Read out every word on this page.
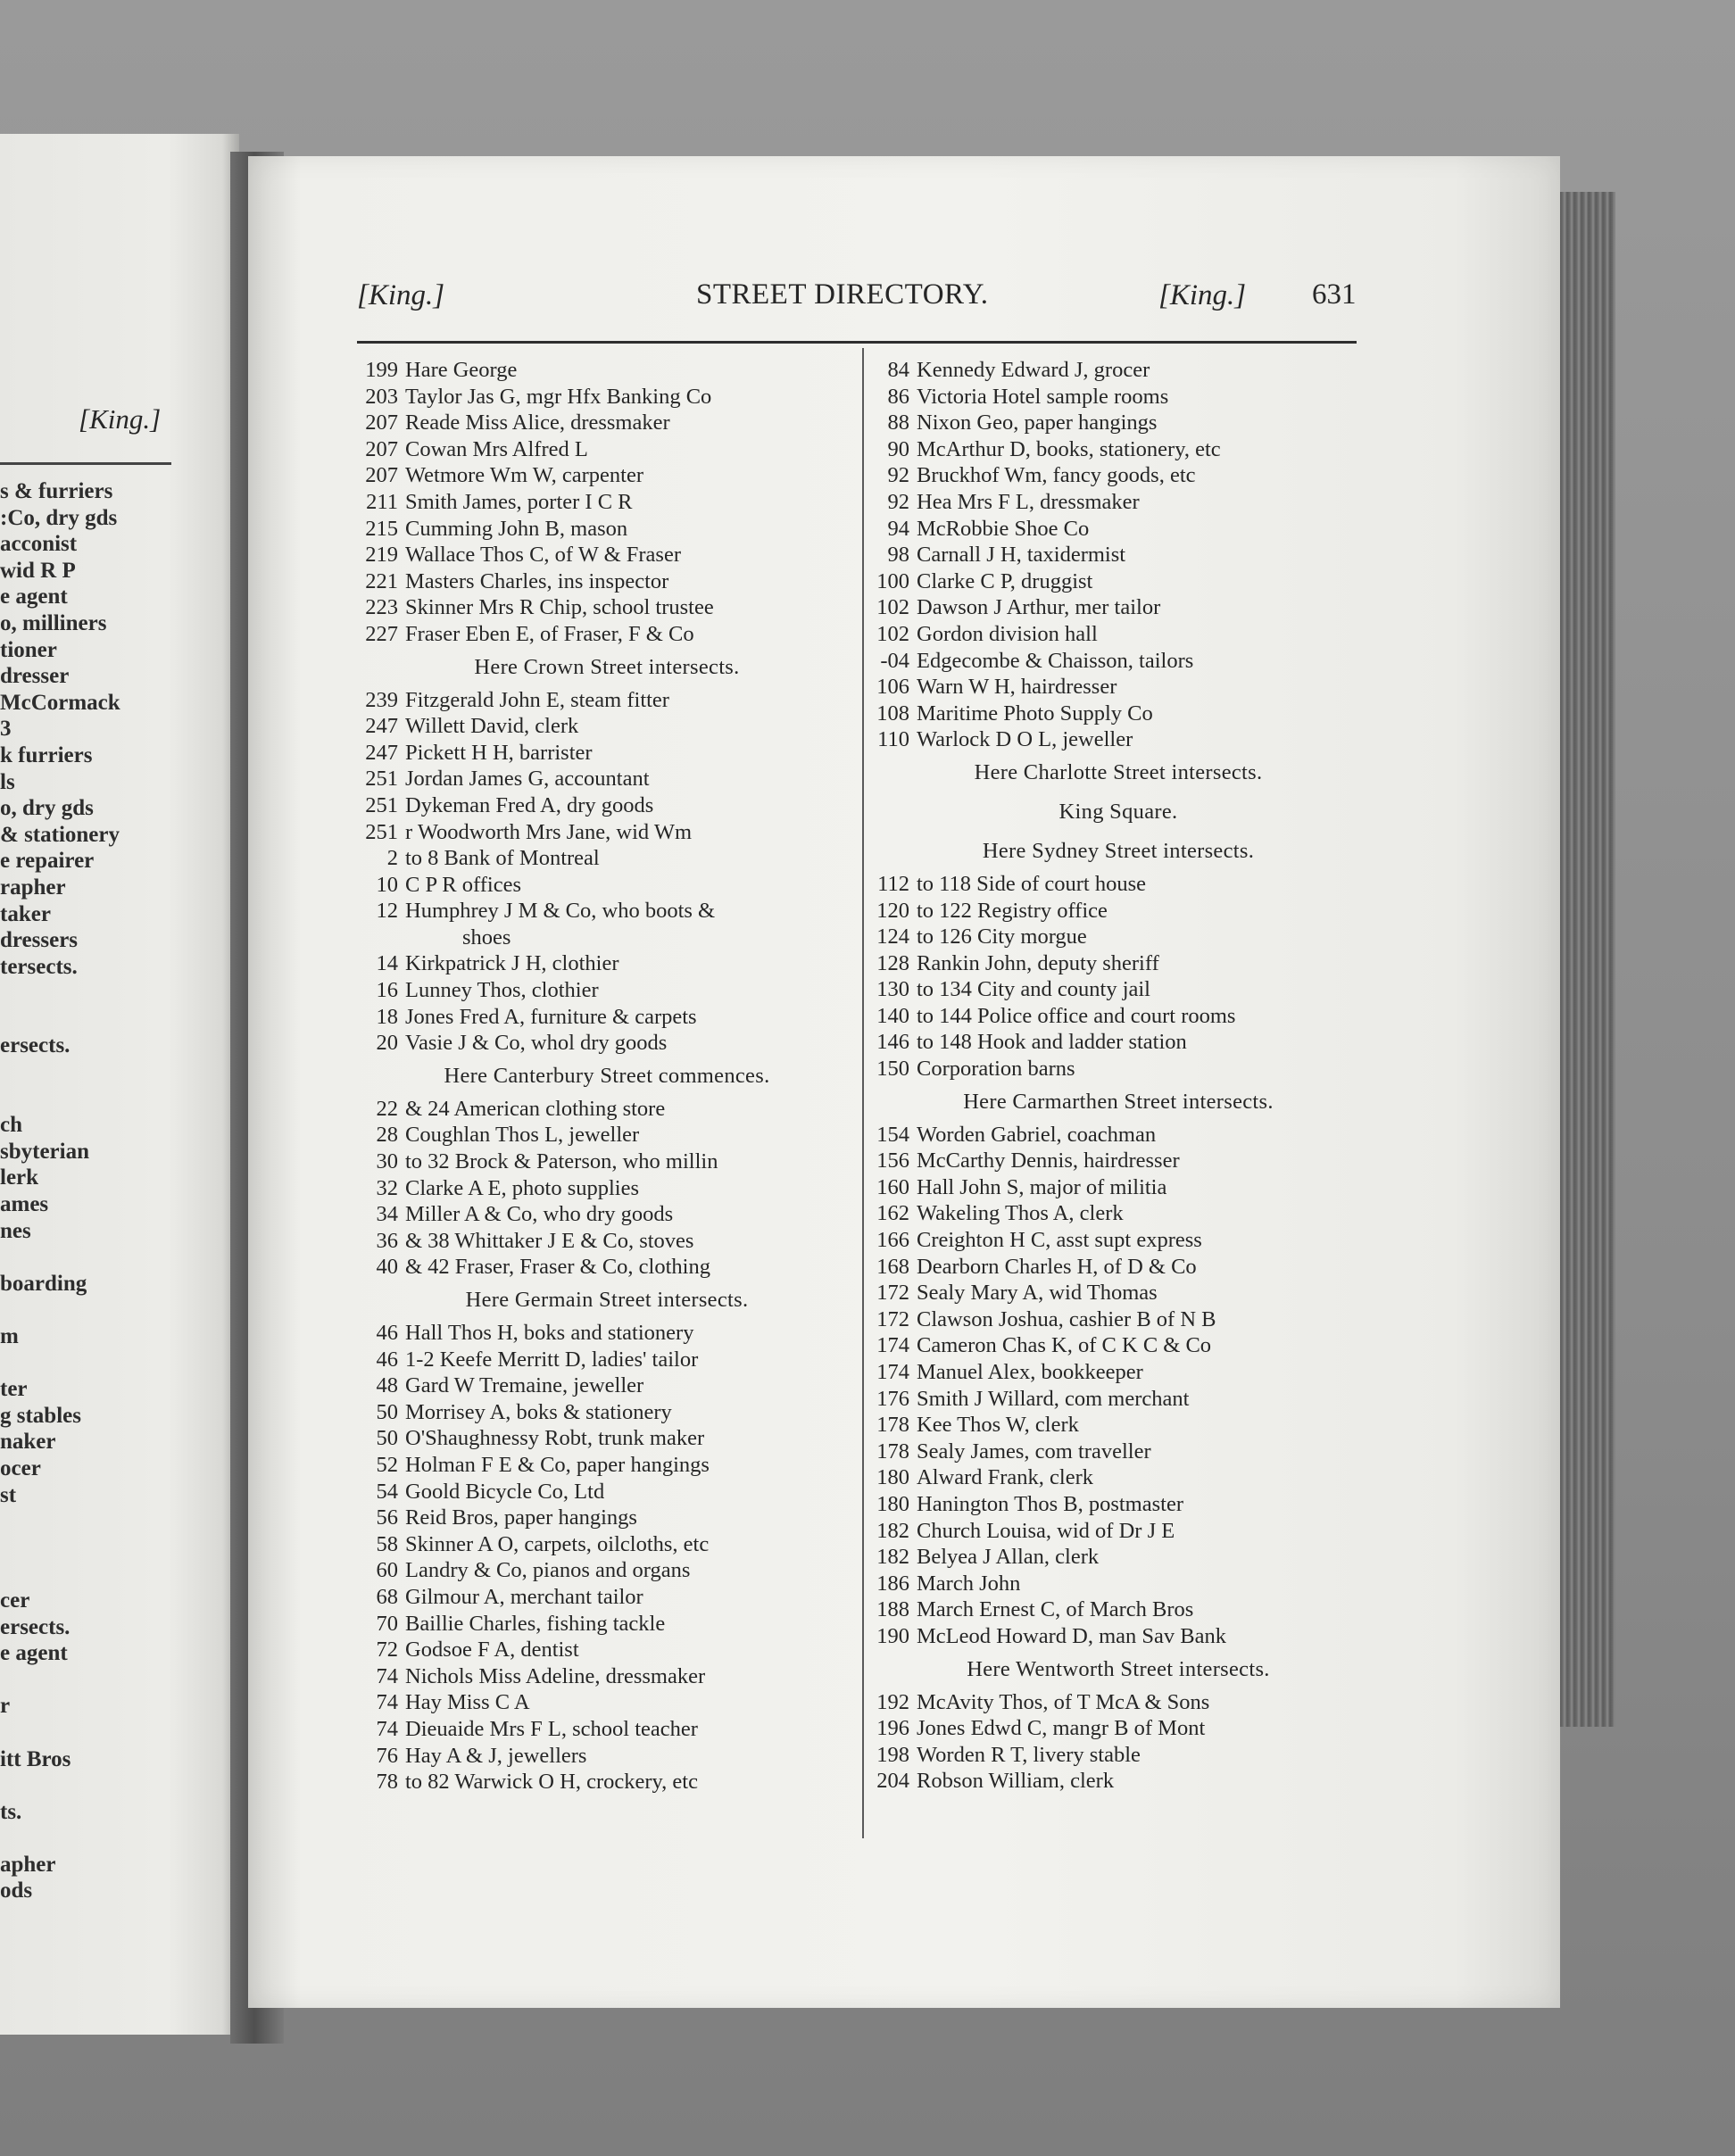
[King.]
s & furriers
:Co, dry gds
acconist
wid R P
e agent
o, milliners
tioner
dresser
McCormack
3
k furriers
ls
o, dry gds
& stationery
e repairer
rapher
taker
dressers
tersects.
ersects.
ch
sbyterian
lerk
ames
nes
boarding
m
ter
g stables
naker
ocer
st
cer
ersects.
e agent
r
itt Bros
ts.
apher
ods
[King.]	STREET DIRECTORY.	[King.] 631
199 Hare George
203 Taylor Jas G, mgr Hfx Banking Co
207 Reade Miss Alice, dressmaker
207 Cowan Mrs Alfred L
207 Wetmore Wm W, carpenter
211 Smith James, porter I C R
215 Cumming John B, mason
219 Wallace Thos C, of W & Fraser
221 Masters Charles, ins inspector
223 Skinner Mrs R Chip, school trustee
227 Fraser Eben E, of Fraser, F & Co
Here Crown Street intersects.
239 Fitzgerald John E, steam fitter
247 Willett David, clerk
247 Pickett H H, barrister
251 Jordan James G, accountant
251 Dykeman Fred A, dry goods
251 r Woodworth Mrs Jane, wid Wm
2 to 8 Bank of Montreal
10 C P R offices
12 Humphrey J M & Co, who boots &
shoes
14 Kirkpatrick J H, clothier
16 Lunney Thos, clothier
18 Jones Fred A, furniture & carpets
20 Vasie J & Co, whol dry goods
Here Canterbury Street commences.
22 & 24 American clothing store
28 Coughlan Thos L, jeweller
30 to 32 Brock & Paterson, who millin
32 Clarke A E, photo supplies
34 Miller A & Co, who dry goods
36 & 38 Whittaker J E & Co, stoves
40 & 42 Fraser, Fraser & Co, clothing
Here Germain Street intersects.
46 Hall Thos H, boks and stationery
46 1-2 Keefe Merritt D, ladies' tailor
48 Gard W Tremaine, jeweller
50 Morrisey A, boks & stationery
50 O'Shaughnessy Robt, trunk maker
52 Holman F E & Co, paper hangings
54 Goold Bicycle Co, Ltd
56 Reid Bros, paper hangings
58 Skinner A O, carpets, oilcloths, etc
60 Landry & Co, pianos and organs
68 Gilmour A, merchant tailor
70 Baillie Charles, fishing tackle
72 Godsoe F A, dentist
74 Nichols Miss Adeline, dressmaker
74 Hay Miss C A
74 Dieuaide Mrs F L, school teacher
76 Hay A & J, jewellers
78 to 82 Warwick O H, crockery, etc
84 Kennedy Edward J, grocer
86 Victoria Hotel sample rooms
88 Nixon Geo, paper hangings
90 McArthur D, books, stationery, etc
92 Bruckhof Wm, fancy goods, etc
92 Hea Mrs F L, dressmaker
94 McRobbie Shoe Co
98 Carnall J H, taxidermist
100 Clarke C P, druggist
102 Dawson J Arthur, mer tailor
102 Gordon division hall
-04 Edgecombe & Chaisson, tailors
106 Warn W H, hairdresser
108 Maritime Photo Supply Co
110 Warlock D O L, jeweller
Here Charlotte Street intersects.
King Square.
Here Sydney Street intersects.
112 to 118 Side of court house
120 to 122 Registry office
124 to 126 City morgue
128 Rankin John, deputy sheriff
130 to 134 City and county jail
140 to 144 Police office and court rooms
146 to 148 Hook and ladder station
150 Corporation barns
Here Carmarthen Street intersects.
154 Worden Gabriel, coachman
156 McCarthy Dennis, hairdresser
160 Hall John S, major of militia
162 Wakeling Thos A, clerk
166 Creighton H C, asst supt express
168 Dearborn Charles H, of D & Co
172 Sealy Mary A, wid Thomas
172 Clawson Joshua, cashier B of N B
174 Cameron Chas K, of C K C & Co
174 Manuel Alex, bookkeeper
176 Smith J Willard, com merchant
178 Kee Thos W, clerk
178 Sealy James, com traveller
180 Alward Frank, clerk
180 Hanington Thos B, postmaster
182 Church Louisa, wid of Dr J E
182 Belyea J Allan, clerk
186 March John
188 March Ernest C, of March Bros
190 McLeod Howard D, man Sav Bank
Here Wentworth Street intersects.
192 McAvity Thos, of T McA & Sons
196 Jones Edwd C, mangr B of Mont
198 Worden R T, livery stable
204 Robson William, clerk
